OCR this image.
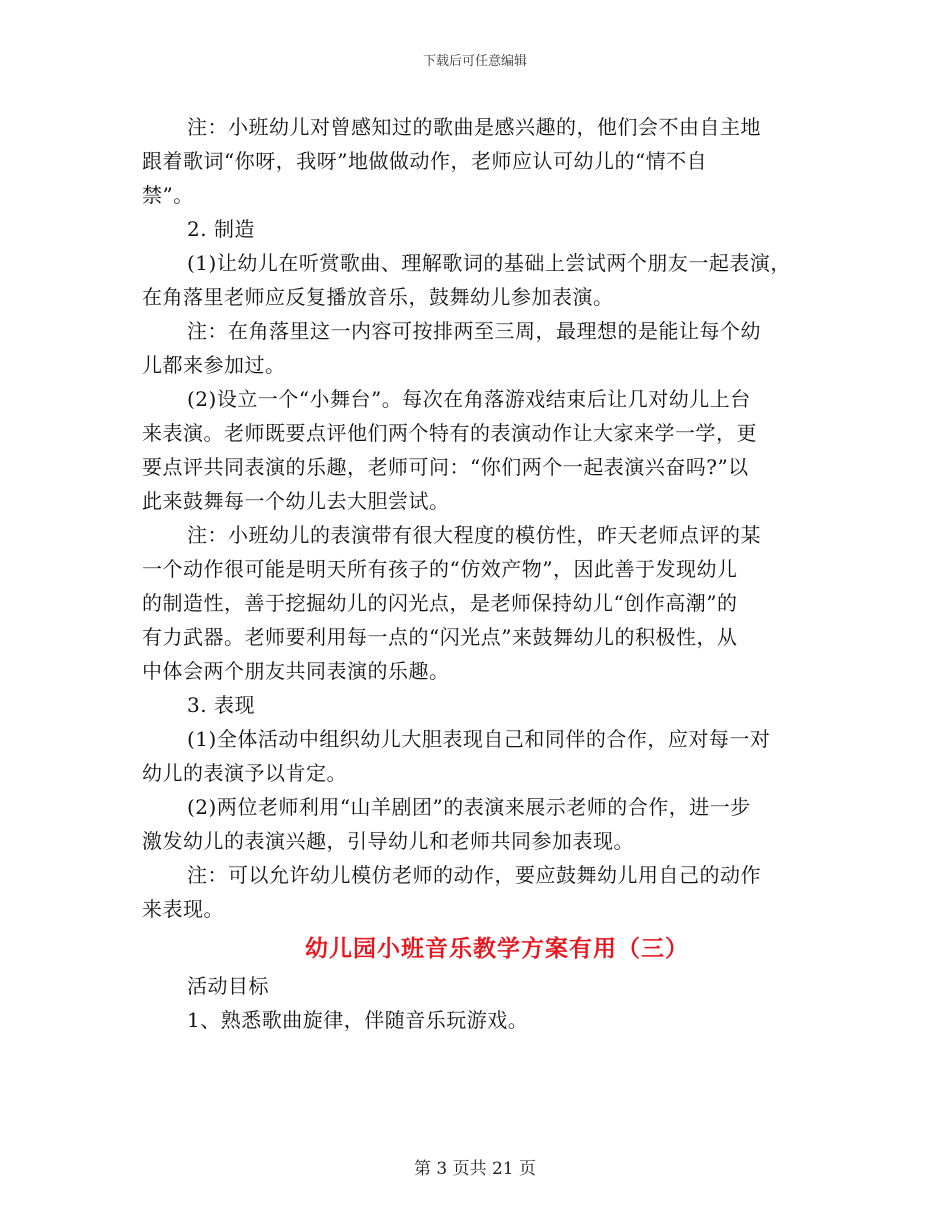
下载后可任意编辑
注：小班幼儿对曾感知过的歌曲是感兴趣的，他们会不由自主地
跟着歌词“你呀，我呀”地做做动作，老师应认可幼儿的“情不自
禁”。
2. 制造
(1)让幼儿在听赏歌曲、理解歌词的基础上尝试两个朋友一起表演，
在角落里老师应反复播放音乐，鼓舞幼儿参加表演。
注：在角落里这一内容可按排两至三周，最理想的是能让每个幼
儿都来参加过。
(2)设立一个“小舞台”。每次在角落游戏结束后让几对幼儿上台
来表演。老师既要点评他们两个特有的表演动作让大家来学一学，更
要点评共同表演的乐趣，老师可问：“你们两个一起表演兴奋吗?”以
此来鼓舞每一个幼儿去大胆尝试。
注：小班幼儿的表演带有很大程度的模仿性，昨天老师点评的某
一个动作很可能是明天所有孩子的“仿效产物”，因此善于发现幼儿
的制造性，善于挖掘幼儿的闪光点，是老师保持幼儿“创作高潮”的
有力武器。老师要利用每一点的“闪光点”来鼓舞幼儿的积极性，从
中体会两个朋友共同表演的乐趣。
3. 表现
(1)全体活动中组织幼儿大胆表现自己和同伴的合作，应对每一对
幼儿的表演予以肯定。
(2)两位老师利用“山羊剧团”的表演来展示老师的合作，进一步
激发幼儿的表演兴趣，引导幼儿和老师共同参加表现。
注：可以允许幼儿模仿老师的动作，要应鼓舞幼儿用自己的动作
来表现。
幼儿园小班音乐教学方案有用（三）
活动目标
1、熟悉歌曲旋律，伴随音乐玩游戏。
第 3 页共 21 页
